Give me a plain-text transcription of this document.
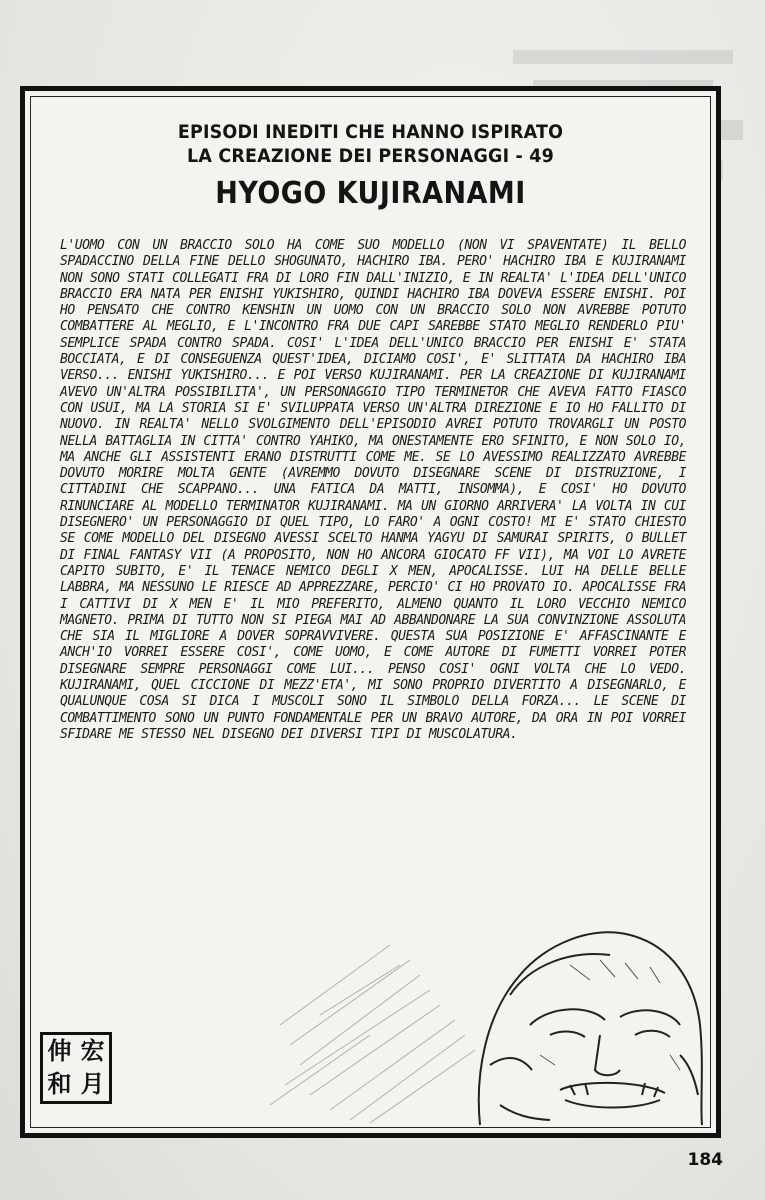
EPISODI INEDITI CHE HANNO ISPIRATO
LA CREAZIONE DEI PERSONAGGI - 49
HYOGO KUJIRANAMI
L'UOMO CON UN BRACCIO SOLO HA COME SUO MODELLO (NON VI SPAVENTATE) IL BELLO SPADACCINO DELLA FINE DELLO SHOGUNATO, HACHIRO IBA. PERO' HACHIRO IBA E KUJIRANAMI NON SONO STATI COLLEGATI FRA DI LORO FIN DALL'INIZIO, E IN REALTA' L'IDEA DELL'UNICO BRACCIO ERA NATA PER ENISHI YUKISHIRO, QUINDI HACHIRO IBA DOVEVA ESSERE ENISHI. POI HO PENSATO CHE CONTRO KENSHIN UN UOMO CON UN BRACCIO SOLO NON AVREBBE POTUTO COMBATTERE AL MEGLIO, E L'INCONTRO FRA DUE CAPI SAREBBE STATO MEGLIO RENDERLO PIU' SEMPLICE SPADA CONTRO SPADA. COSI' L'IDEA DELL'UNICO BRACCIO PER ENISHI E' STATA BOCCIATA, E DI CONSEGUENZA QUEST'IDEA, DICIAMO COSI', E' SLITTATA DA HACHIRO IBA VERSO... ENISHI YUKISHIRO... E POI VERSO KUJIRANAMI. PER LA CREAZIONE DI KUJIRANAMI AVEVO UN'ALTRA POSSIBILITA', UN PERSONAGGIO TIPO TERMINETOR CHE AVEVA FATTO FIASCO CON USUI, MA LA STORIA SI E' SVILUPPATA VERSO UN'ALTRA DIREZIONE E IO HO FALLITO DI NUOVO. IN REALTA' NELLO SVOLGIMENTO DELL'EPISODIO AVREI POTUTO TROVARGLI UN POSTO NELLA BATTAGLIA IN CITTA' CONTRO YAHIKO, MA ONESTAMENTE ERO SFINITO, E NON SOLO IO, MA ANCHE GLI ASSISTENTI ERANO DISTRUTTI COME ME. SE LO AVESSIMO REALIZZATO AVREBBE DOVUTO MORIRE MOLTA GENTE (AVREMMO DOVUTO DISEGNARE SCENE DI DISTRUZIONE, I CITTADINI CHE SCAPPANO... UNA FATICA DA MATTI, INSOMMA), E COSI' HO DOVUTO RINUNCIARE AL MODELLO TERMINATOR KUJIRANAMI. MA UN GIORNO ARRIVERA' LA VOLTA IN CUI DISEGNERO' UN PERSONAGGIO DI QUEL TIPO, LO FARO' A OGNI COSTO! MI E' STATO CHIESTO SE COME MODELLO DEL DISEGNO AVESSI SCELTO HANMA YAGYU DI SAMURAI SPIRITS, O BULLET DI FINAL FANTASY VII (A PROPOSITO, NON HO ANCORA GIOCATO FF VII), MA VOI LO AVRETE CAPITO SUBITO, E' IL TENACE NEMICO DEGLI X MEN, APOCALISSE. LUI HA DELLE BELLE LABBRA, MA NESSUNO LE RIESCE AD APPREZZARE, PERCIO' CI HO PROVATO IO. APOCALISSE FRA I CATTIVI DI X MEN E' IL MIO PREFERITO, ALMENO QUANTO IL LORO VECCHIO NEMICO MAGNETO. PRIMA DI TUTTO NON SI PIEGA MAI AD ABBANDONARE LA SUA CONVINZIONE ASSOLUTA CHE SIA IL MIGLIORE A DOVER SOPRAVVIVERE. QUESTA SUA POSIZIONE E' AFFASCINANTE E ANCH'IO VORREI ESSERE COSI', COME UOMO, E COME AUTORE DI FUMETTI VORREI POTER DISEGNARE SEMPRE PERSONAGGI COME LUI... PENSO COSI' OGNI VOLTA CHE LO VEDO. KUJIRANAMI, QUEL CICCIONE DI MEZZ'ETA', MI SONO PROPRIO DIVERTITO A DISEGNARLO, E QUALUNQUE COSA SI DICA I MUSCOLI SONO IL SIMBOLO DELLA FORZA... LE SCENE DI COMBATTIMENTO SONO UN PUNTO FONDAMENTALE PER UN BRAVO AUTORE, DA ORA IN POI VORREI SFIDARE ME STESSO NEL DISEGNO DEI DIVERSI TIPI DI MUSCOLATURA.
伸 宏
和 月
184
